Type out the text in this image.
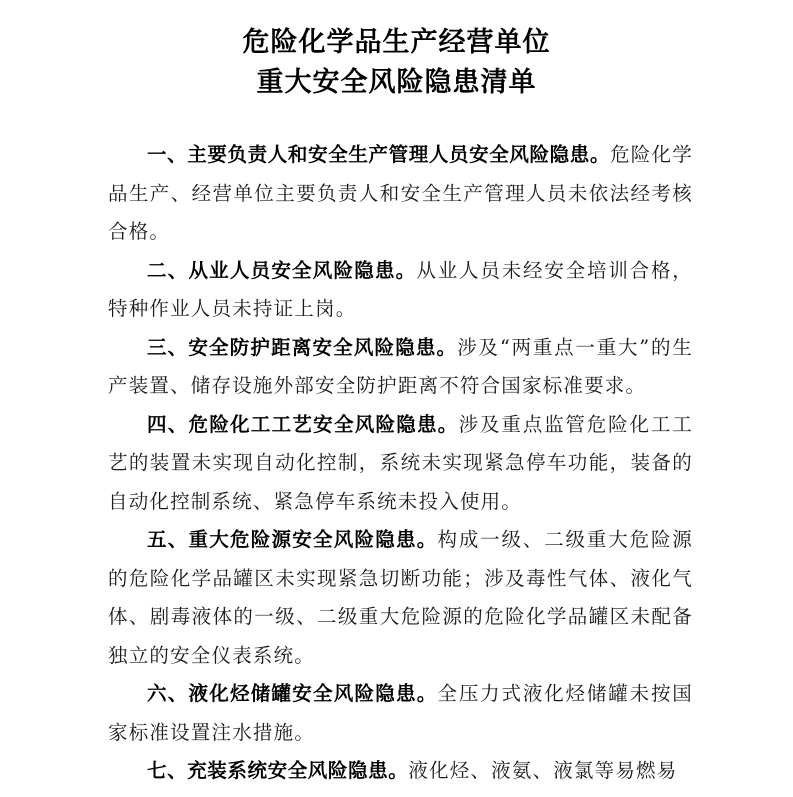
危险化学品生产经营单位
重大安全风险隐患清单

一、主要负责人和安全生产管理人员安全风险隐患。危险化学品生产、经营单位主要负责人和安全生产管理人员未依法经考核合格。

二、从业人员安全风险隐患。从业人员未经安全培训合格，特种作业人员未持证上岗。

三、安全防护距离安全风险隐患。涉及“两重点一重大”的生产装置、储存设施外部安全防护距离不符合国家标准要求。

四、危险化工工艺安全风险隐患。涉及重点监管危险化工工艺的装置未实现自动化控制，系统未实现紧急停车功能，装备的自动化控制系统、紧急停车系统未投入使用。

五、重大危险源安全风险隐患。构成一级、二级重大危险源的危险化学品罐区未实现紧急切断功能；涉及毒性气体、液化气体、剧毒液体的一级、二级重大危险源的危险化学品罐区未配备独立的安全仪表系统。

六、液化烃储罐安全风险隐患。全压力式液化烃储罐未按国家标准设置注水措施。

七、充装系统安全风险隐患。液化烃、液氨、液氯等易燃易
